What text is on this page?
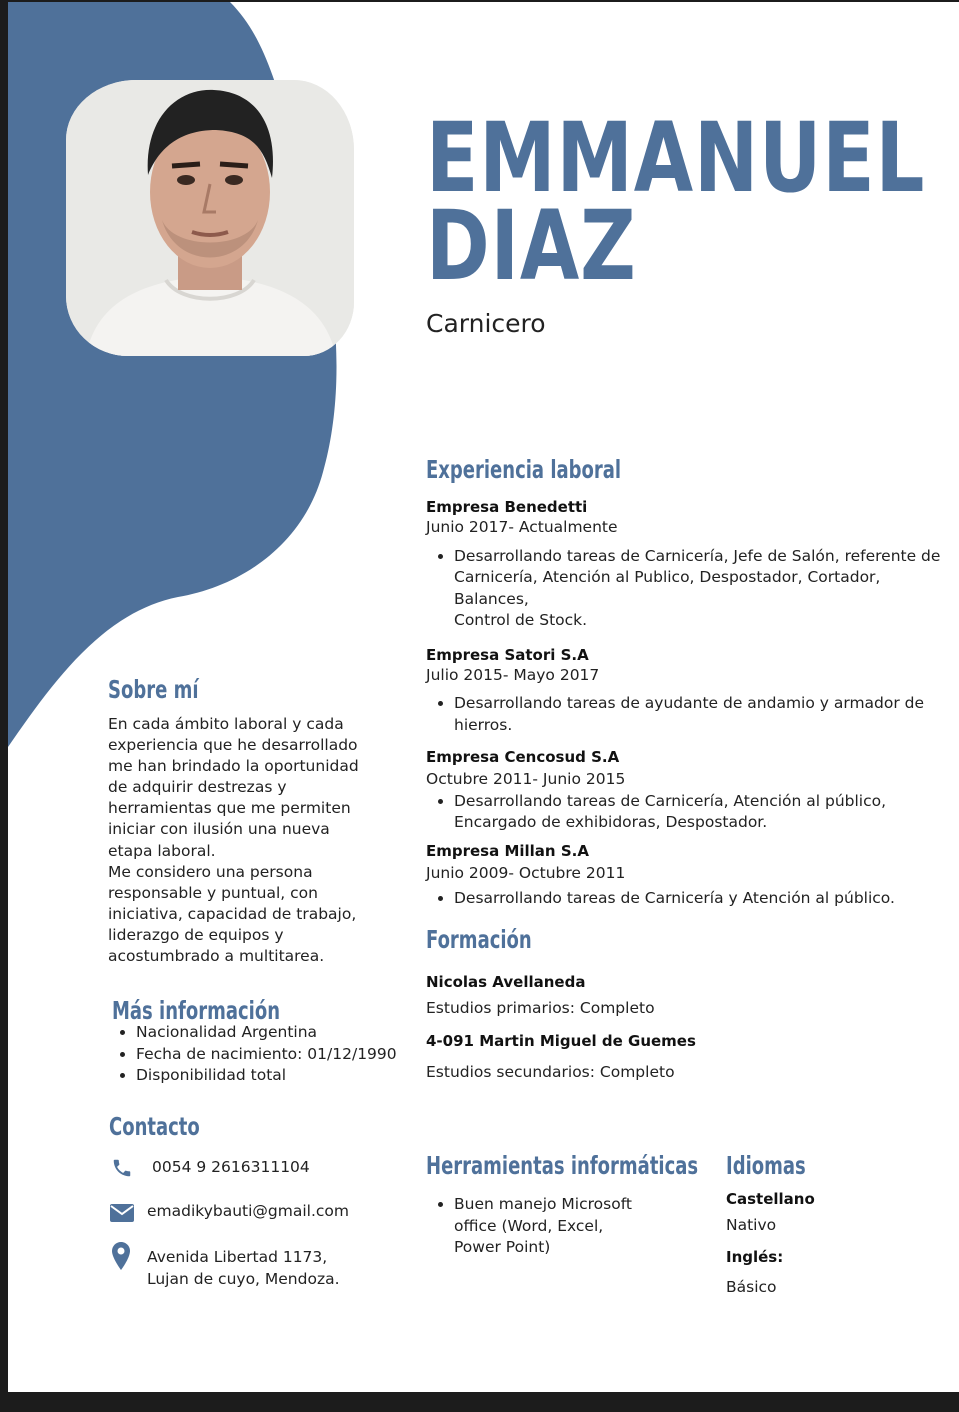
EMMANUEL
DIAZ
Carnicero
Experiencia laboral
Empresa Benedetti
Junio 2017- Actualmente
• Desarrollando tareas de Carnicería, Jefe de Salón, referente de
Carnicería, Atención al Publico, Despostador, Cortador, Balances,
Control de Stock.
Empresa Satori S.A
Julio 2015- Mayo 2017
• Desarrollando tareas de ayudante de andamio y armador de
hierros.
Empresa Cencosud S.A
Octubre 2011- Junio 2015
• Desarrollando tareas de Carnicería, Atención al público,
Encargado de exhibidoras, Despostador.
Empresa Millan S.A
Junio 2009- Octubre 2011
• Desarrollando tareas de Carnicería y Atención al público.
Formación
Nicolas Avellaneda
Estudios primarios: Completo
4-091 Martin Miguel de Guemes
Estudios secundarios: Completo
Sobre mí
En cada ámbito laboral y cada
experiencia que he desarrollado
me han brindado la oportunidad
de adquirir destrezas y
herramientas que me permiten
iniciar con ilusión una nueva
etapa laboral.
Me considero una persona
responsable y puntual, con
iniciativa, capacidad de trabajo,
liderazgo de equipos y
acostumbrado a multitarea.
Más información
• Nacionalidad Argentina
• Fecha de nacimiento: 01/12/1990
• Disponibilidad total
Contacto
0054 9 2616311104
emadikybauti@gmail.com
Avenida Libertad 1173,
Lujan de cuyo, Mendoza.
Herramientas informáticas
• Buen manejo Microsoft
office (Word, Excel,
Power Point)
Idiomas
Castellano
Nativo
Inglés:
Básico
